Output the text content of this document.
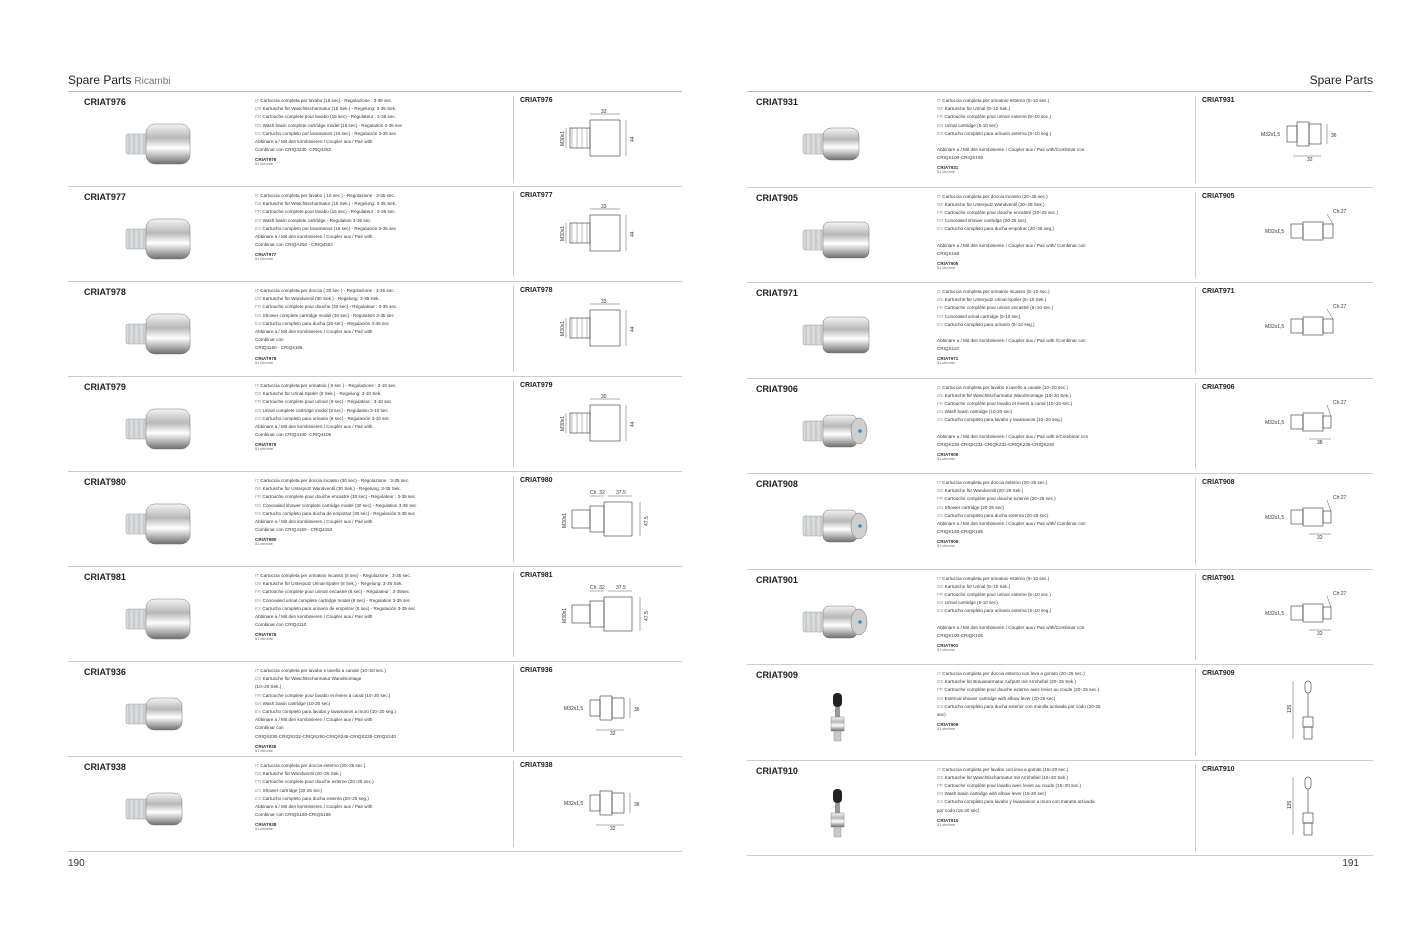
Spare Parts Ricambi
CRIAT976	IT Cartuccia completa per lavabo (15 sec) - Regolazione : 3-35 sec.
DE Kartusche für Waschtischarmatur (15 Sek.) - Regelung: 3-35 Sek.
FR Cartouche complete pour lavabo (15 sec) - Régulateur : 3-35 sec.
EN Wash basin complete cartridge model (15 sec) - Regulation 3-35 sec
ES Cartucho completo por lavamanos (15 sec) - Regulación 3-35 sec
Abbinare a / Mit den kombinieren / Coupler aux / Pair with
Combinar con CRIQ4230 -CRIQ4252
CRIAT976
51 chrome
CRIAT976
33
M30x1	44
CRIAT977	IT Cartuccia completa per lavabo ( 15 sec ) - Regolazione : 3-35 sec.
DE Kartusche für Waschtischarmatur (15 Sek.) - Regelung: 3-35 Sek.
FR Cartouche complete pour lavabo (15 sec) - Régulateur : 3-35 sec.
EN Wash basin complete cartridge - Regulation 3-35 sec
ES Cartucho completo por lavamanos (15 sec) - Regulación 3-35 sec
Abbinare a / Mit den kombinieren / Coupler aux / Pair with
Combinar con CRIQA250 - CRIQ4252
CRIAT977
51 chrome
CRIAT977
33
M30x1	44
CRIAT978	IT Cartuccia completa per doccia ( 30 sec ) - Regolazione : 3-35 sec.
DE Kartusche für Wandventil (30 Sek.) - Regelung: 3-35 Sek.
FR Cartouche complete pour douche (30 sec) - Régulateur : 3-35 sec.
EN Shower complete cartridge model (30 sec) - Regulation 3-35 sec
ES Cartucho completo para ducha (30 sec) - Regulación 3-35 sec
Abbinare a / Mit den kombinieren / Coupler aux / Pair with
Combinar con
CRIQ4160 - CRIQ4165
CRIAT978
51 chrome
CRIAT978
33
M30x1	44
CRIAT979	IT Cartuccia completa per orinatoio ( 8 sec ) - Regolazione : 3-10 sec.
DE Kartusche für Urinal-Spüler (8 Sek.) - Regelung: 3-10 Sek.
FR Cartouche complete pour urinoir (8 sec) - Régulateur : 3-10 sec.
EN Urinal complete cartridge model (8 sec) - Regulation 3-10 sec
ES Cartucho completo para urinario (8 sec) - Regulación 3-10 sec
Abbinare a / Mit den kombinieren / Coupler aux / Pair with
Combinar con CRIQ4100 -CRIQ4105
CRIAT979
51 chrome
CRIAT979
30
M30x1	44
CRIAT980	IT Cartuccia completa per doccia incasso (30 sec) - Regolazione : 3-35 sec.
DE Kartusche für Unterputz Wandventil (30 Sek.) - Regelung: 3-35 Sek.
FR Cartouche complete pour douche encastré (30 sec) - Régulateur : 3-35 sec.
EN Concealed shower complete cartridge model (30 sec) - Regulation 3-35 sec
ES Cartucho completo para ducha de empotrar (30 sec) - Regulación 3-35 sec
Abbinare a / Mit den kombinieren / Coupler aux / Pair with
Combinar con CRIQ4150 - CRIQ4152
CRIAT980
51 chrome
CRIAT980
Ch. 32 37.5
M30x1	47.5
CRIAT981	IT Cartuccia completa per orinatoio incasso (8 sec) - Regolazione : 3-35 sec.
DE Kartusche für Unterputz Urinal-Spüler (8 Sek.) - Regelung: 3-35 Sek.
FR Cartouche complete pour urinoir encastré (8 sec) - Régulateur : 3-35sec.
EN Concealed urinal complete cartridge model (8 sec) - Regulation 3-35 sec
ES Cartucho completo para urinario de empotrar (8 sec) - Regulación 3-35 sec
Abbinare a / Mit den kombinieren / Coupler aux / Pair with
Combinar con CRIQ4110
CRIAT978
51 chrome
CRIAT981
Ch. 32 37.5
M30x1	47.5
CRIAT936	IT Cartuccia completa per lavabo e lavello a canale (10÷20 sec.)
DE Kartusche für Waschtischarmatur Wandmontage
(10÷20 Sek.)
FR Cartouche complete pour lavabo et éviers à canal (10÷20 sec.)
EN Wash basin cartridge (10-20 sec)
ES Cartucho completo para lavabo y lavamanos a muro (10÷20 seg.)
Abbinare a / Mit den kombinieren / Coupler aux / Pair with
Combinar con
CRIQS230-CRIQS232-CRIQS250-CRIQS245-CRIQS235-CRIQS240
CRIAT936
51 chrome
CRIAT936
M32x1,5	36
32
CRIAT938	IT Cartuccia completa per doccia esterno (20÷25 sec.)
DE Kartusche für Wandventil (20÷25 Sek.)
FR Cartouche complete pour douche externe (20÷25 sec.)
EN Shower cartridge (20-25 sec)
ES Cartucho completo para ducha externa (20÷25 seg.)
Abbinare a / Mit den kombinieren / Coupler aux / Pair with
Combinar con CRIQS160-CRIQS165
CRIAT938
51 chrome
CRIAT938
M32x1,5	36
32
190
Spare Parts
CRIAT931	IT Cartuccia completa per orinatoio esterno (5÷10 sec.)
DE Kartusche für Urinal (5÷10 Sek.)
FR Cartouche complète pour urinoir externe (5÷10 sec.)
EN Urinal cartridge (5-10 sec)
ES Cartucho completo para urinario externa (5÷10 seg.)
Abbinare a / Mit den kombinieren / Coupler aux / Pair with/Combinar con
CRIQS100-CRIQS105
CRIAT931
51 chrome
CRIAT931
M32x1,5	36
32
CRIAT905	IT Cartuccia completa per doccia incasso (20÷25 sec.)
DE Kartusche für Unterputz Wandventil (20÷25 Sek.)
FR Cartouche complète pour douche encastré (20÷25 sec.)
EN Concealed shower cartridge (20-25 sec)
ES Cartucho completo para ducha empotrar (20÷25 seg.)
Abbinare a / Mit den kombinieren / Coupler aux / Pair with/ Combinar con
CRIQS150
CRIAT905
51 chrome
CRIAT905
Ch.27
M32x1,5
CRIAT971	IT Cartuccia completa per orinatoio incasso (5÷10 sec.)
DE Kartusche für Unterputz Urinal-Spüler (5÷10 Sek.)
FR Cartouche complète pour urinoir encastré (5÷10 sec.)
EN Concealed urinal cartridge (5-10 sec)
ES Cartucho completo para urinario (5÷10 seg.)
Abbinare a / Mit den kombinieren / Coupler aux / Pair with /Combinar con
CRIQS110
CRIAT971
51 chrome
CRIAT971
Ch.27
M32x1,5
CRIAT906	IT Cartuccia completa per lavabo e lavello a canale (10÷20 sec.)
DE Kartusche für Waschtischarmatur Wandmontage (10÷20 Sek.)
FR Cartouche complète pour lavabo et éviers à canal (10÷20 sec.)
EN Wash basin cartridge (10-20 sec)
ES Cartucho completo para lavabo y lavamanos (10÷20 seg.)
Abbinare a / Mit den kombinieren / Coupler aux / Pair with n/Combinar con
CRIQK230-CRIQK231-CRIQK232-CRIQK235-CRIQK240
CRIAT906
51 chrome
CRIAT906
Ch.27
M32x1,5
38
CRIAT908	IT Cartuccia completa per doccia esterno (20÷25 sec.)
DE Kartusche für Wandventil (20÷25 Sek.)
FR Cartouche complète pour douche externe (20÷25 sec.)
EN Shower cartridge (20-25 sec)
ES Cartucho completo para ducha externa (20-25 sec)
Abbinare a / Mit den kombinieren / Coupler aux / Pair with/ Combinar con
CRIQK160-CRIQK165
CRIAT908
51 chrome
CRIAT908
Ch.27
M32x1,5
32
CRIAT901	IT Cartuccia completa per orinatoio esterno (5÷10 sec.)
DE Kartusche für Urinal (5÷10 Sek.)
FR Cartouche complète pour urinoir externe (5÷10 sec.)
EN Urinal cartridge (5-10 sec)
ES Cartucho completo para urinario externa (5÷10 seg.)
Abbinare a / Mit den kombinieren / Coupler aux / Pair with/Combinar con
CRIQK100-CRIQK105
CRIAT901
51 chrome
CRIAT901
Ch.27
M32x1,5
32
CRIAT909	IT Cartuccia completa per doccia esterno con leva a gomito (20÷25 sec.)
DE Kartusche für Brausearmatur Aufputz mit Armhebel (20÷25 Sek.)
FR Cartouche complète pour douche externe avec levier au coude (20÷25 sec.)
EN External shower cartridge with elbow lever (20-25 sec)
ES Cartucho completo para ducha exterior con manilla activada por codo (20-25
sec)
CRIAT909
51 chrome
CRIAT909
135
CRIAT910	IT Cartuccia completa per lavabo con leva a gomito (15÷20 sec.)
DE Kartusche für Waschtischarmatur mit Armhebel (15÷20 Sek.)
FR Cartouche complète pour lavabo avec levier au coude (15÷20 sec.)
EN Wash basin cartridge with elbow lever (15-20 sec)
ES Cartucho completo para lavabo y lavamanos a muro con maneta activada
por codo (15-20 sec)
CRIAT910
51 chrome
CRIAT910
135
191
